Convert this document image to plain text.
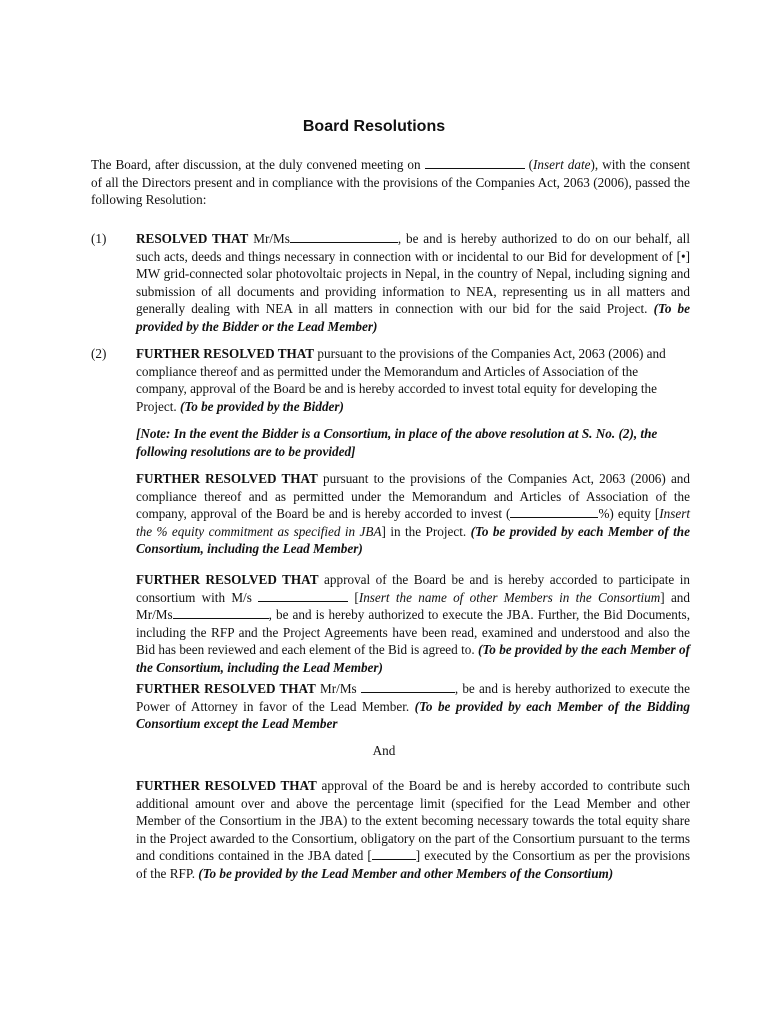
Board Resolutions

The Board, after discussion, at the duly convened meeting on	(Insert date), with the consent of all the Directors present and in compliance with the provisions of the Companies Act, 2063 (2006), passed the following Resolution:

(1) RESOLVED THAT Mr/Ms	, be and is hereby authorized to do on our behalf, all such acts, deeds and things necessary in connection with or incidental to our Bid for development of [•] MW grid-connected solar photovoltaic projects in Nepal, in the country of Nepal, including signing and submission of all documents and providing information to NEA, representing us in all matters and generally dealing with NEA in all matters in connection with our bid for the said Project. (To be provided by the Bidder or the Lead Member)

(2) FURTHER RESOLVED THAT pursuant to the provisions of the Companies Act, 2063 (2006) and compliance thereof and as permitted under the Memorandum and Articles of Association of the company, approval of the Board be and is hereby accorded to invest total equity for developing the Project. (To be provided by the Bidder)

[Note: In the event the Bidder is a Consortium, in place of the above resolution at S. No. (2), the following resolutions are to be provided]

FURTHER RESOLVED THAT pursuant to the provisions of the Companies Act, 2063 (2006) and compliance thereof and as permitted under the Memorandum and Articles of Association of the company, approval of the Board be and is hereby accorded to invest (	%) equity [Insert the % equity commitment as specified in JBA] in the Project. (To be provided by each Member of the Consortium, including the Lead Member)

FURTHER RESOLVED THAT approval of the Board be and is hereby accorded to participate in consortium with M/s	[Insert the name of other Members in the Consortium] and Mr/Ms	, be and is hereby authorized to execute the JBA. Further, the Bid Documents, including the RFP and the Project Agreements have been read, examined and understood and also the Bid has been reviewed and each element of the Bid is agreed to. (To be provided by the each Member of the Consortium, including the Lead Member)

FURTHER RESOLVED THAT Mr/Ms	, be and is hereby authorized to execute the Power of Attorney in favor of the Lead Member. (To be provided by each Member of the Bidding Consortium except the Lead Member

And

FURTHER RESOLVED THAT approval of the Board be and is hereby accorded to contribute such additional amount over and above the percentage limit (specified for the Lead Member and other Member of the Consortium in the JBA) to the extent becoming necessary towards the total equity share in the Project awarded to the Consortium, obligatory on the part of the Consortium pursuant to the terms and conditions contained in the JBA dated [	] executed by the Consortium as per the provisions of the RFP. (To be provided by the Lead Member and other Members of the Consortium)
